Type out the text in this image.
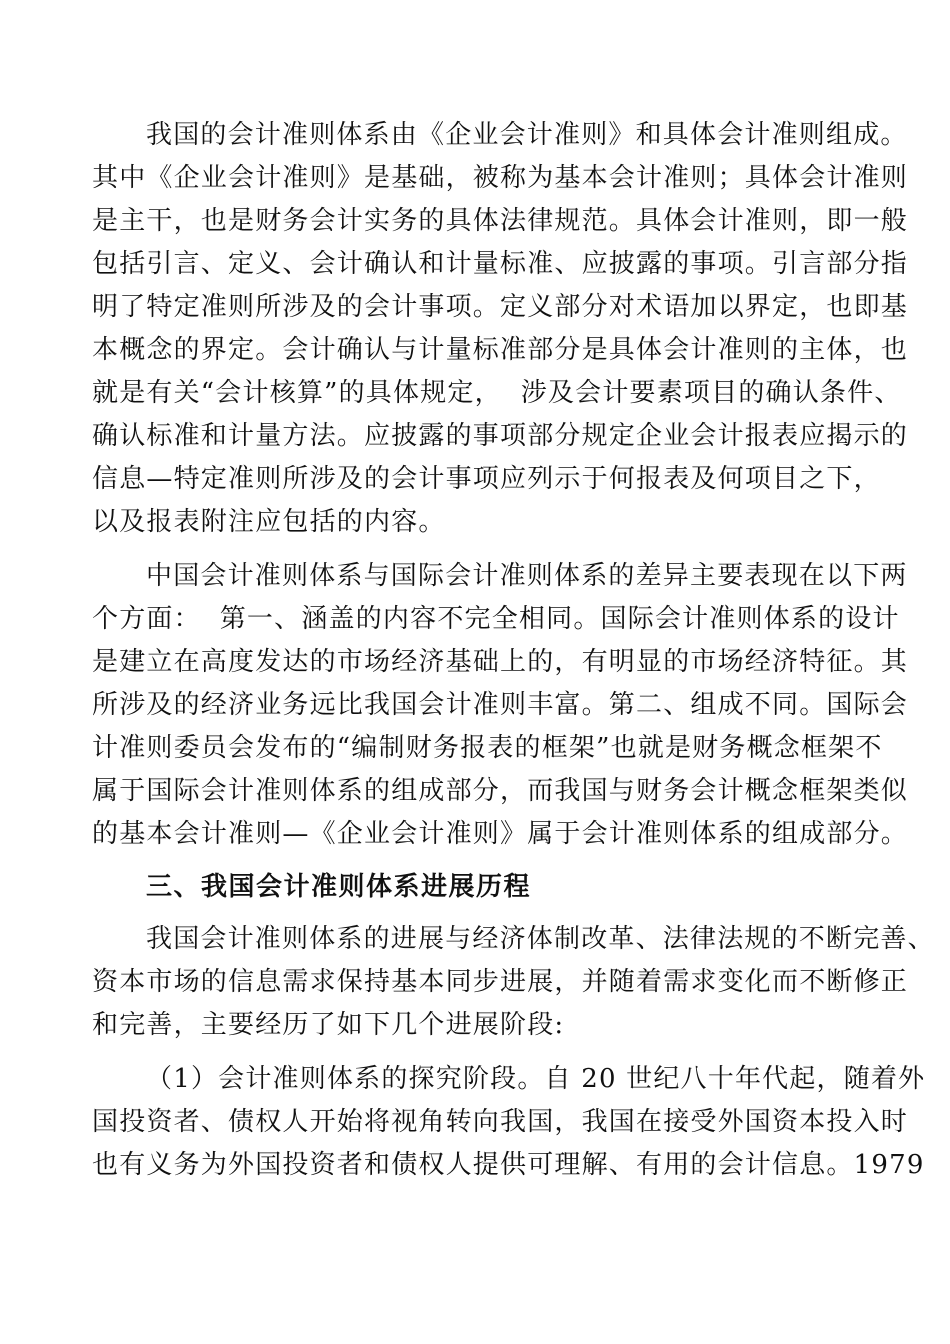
我国的会计准则体系由《企业会计准则》和具体会计准则组成。
其中《企业会计准则》是基础，被称为基本会计准则；具体会计准则
是主干，也是财务会计实务的具体法律规范。具体会计准则，即一般
包括引言、定义、会计确认和计量标准、应披露的事项。引言部分指
明了特定准则所涉及的会计事项。定义部分对术语加以界定，也即基
本概念的界定。会计确认与计量标准部分是具体会计准则的主体，也
就是有关“会计核算”的具体规定，  涉及会计要素项目的确认条件、
确认标准和计量方法。应披露的事项部分规定企业会计报表应揭示的
信息—特定准则所涉及的会计事项应列示于何报表及何项目之下，
以及报表附注应包括的内容。
中国会计准则体系与国际会计准则体系的差异主要表现在以下两
个方面：  第一、涵盖的内容不完全相同。国际会计准则体系的设计
是建立在高度发达的市场经济基础上的，有明显的市场经济特征。其
所涉及的经济业务远比我国会计准则丰富。第二、组成不同。国际会
计准则委员会发布的“编制财务报表的框架”也就是财务概念框架不
属于国际会计准则体系的组成部分，而我国与财务会计概念框架类似
的基本会计准则—《企业会计准则》属于会计准则体系的组成部分。
三、我国会计准则体系进展历程
我国会计准则体系的进展与经济体制改革、法律法规的不断完善、
资本市场的信息需求保持基本同步进展，并随着需求变化而不断修正
和完善，主要经历了如下几个进展阶段:
（1）会计准则体系的探究阶段。自 20 世纪八十年代起，随着外
国投资者、债权人开始将视角转向我国，我国在接受外国资本投入时
也有义务为外国投资者和债权人提供可理解、有用的会计信息。1979
